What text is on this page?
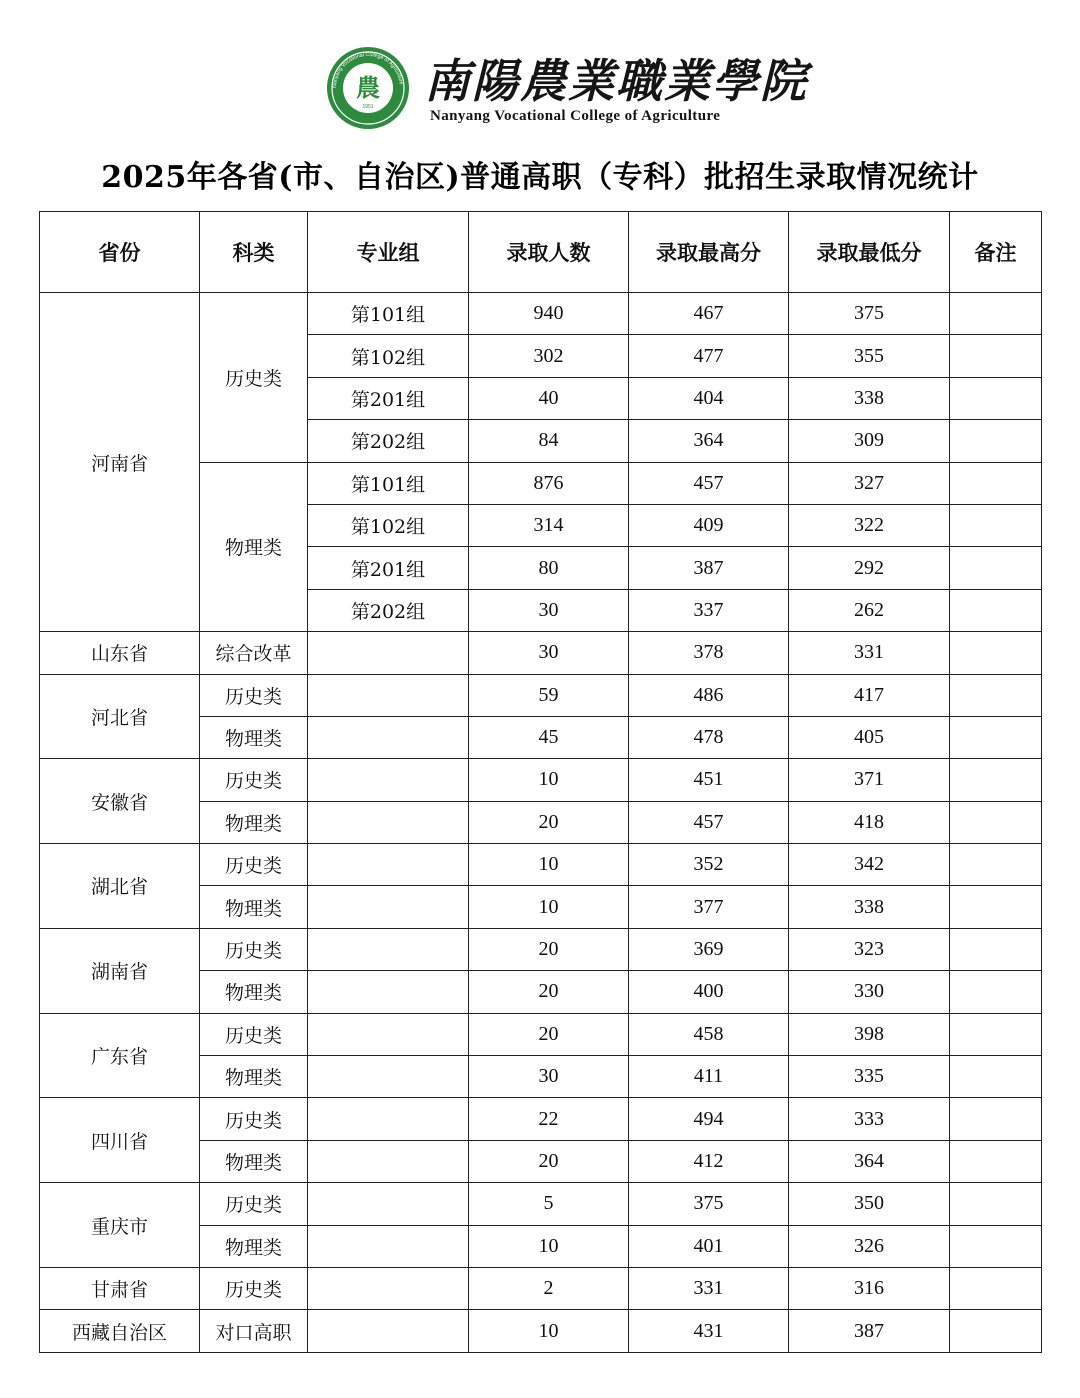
Nanyang Vocational College of Agriculture
農
1951 南陽農業職業學院
Nanyang Vocational College of Agriculture
2025年各省(市、自治区)普通高职（专科）批招生录取情况统计
省份	科类	专业组	录取人数	录取最高分	录取最低分	备注
河南省	历史类	第101组	940	467	375	
		第102组	302	477	355	
		第201组	40	404	338	
		第202组	84	364	309	
	物理类	第101组	876	457	327	
		第102组	314	409	322	
		第201组	80	387	292	
		第202组	30	337	262	
山东省	综合改革		30	378	331	
河北省	历史类		59	486	417	
	物理类		45	478	405	
安徽省	历史类		10	451	371	
	物理类		20	457	418	
湖北省	历史类		10	352	342	
	物理类		10	377	338	
湖南省	历史类		20	369	323	
	物理类		20	400	330	
广东省	历史类		20	458	398	
	物理类		30	411	335	
四川省	历史类		22	494	333	
	物理类		20	412	364	
重庆市	历史类		5	375	350	
	物理类		10	401	326	
甘肃省	历史类		2	331	316	
西藏自治区	对口高职		10	431	387	
